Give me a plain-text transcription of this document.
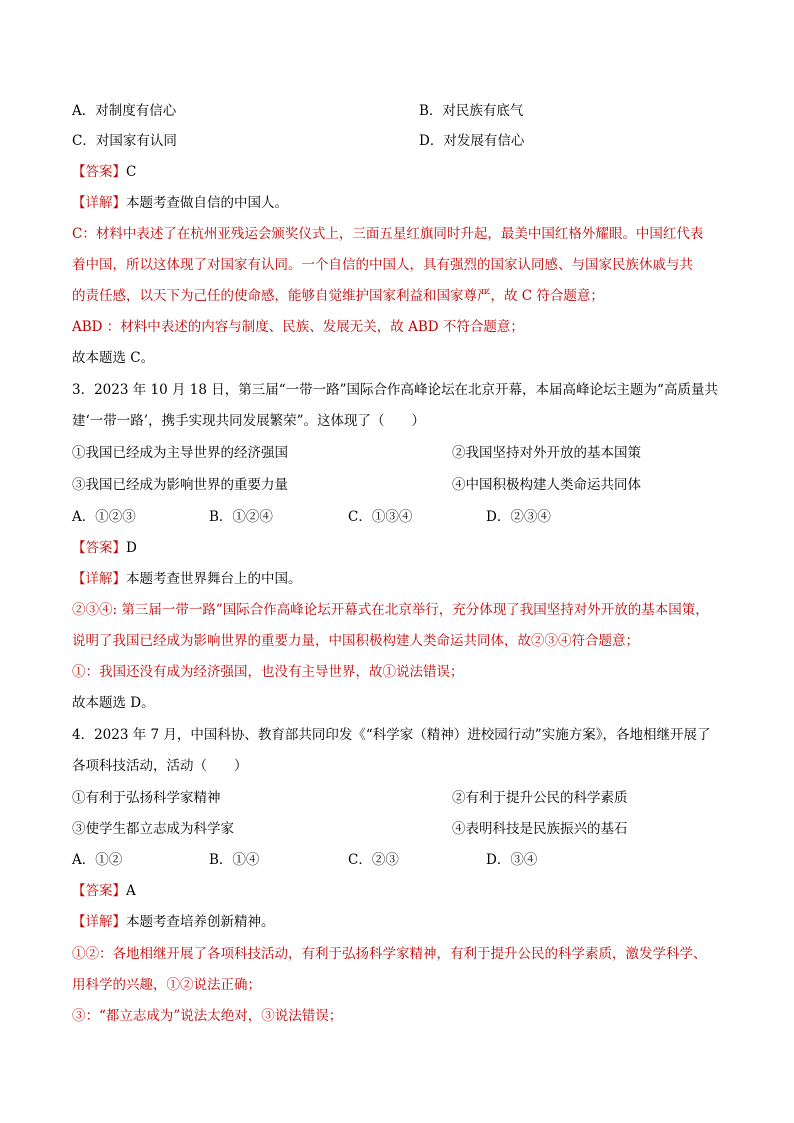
A．对制度有信心	B．对民族有底气
C．对国家有认同	D．对发展有信心
【答案】C
【详解】本题考查做自信的中国人。
C：材料中表述了在杭州亚残运会颁奖仪式上，三面五星红旗同时升起，最美中国红格外耀眼。中国红代表
着中国，所以这体现了对国家有认同。一个自信的中国人，具有强烈的国家认同感、与国家民族休戚与共
的责任感，以天下为己任的使命感，能够自觉维护国家利益和国家尊严，故 C 符合题意；
ABD ：材料中表述的内容与制度、民族、发展无关，故 ABD 不符合题意；
故本题选 C。
3．2023 年 10 月 18 日，第三届“一带一路”国际合作高峰论坛在北京开幕，本届高峰论坛主题为“高质量共
建‘一带一路’，携手实现共同发展繁荣”。这体现了（　　）
①我国已经成为主导世界的经济强国	②我国坚持对外开放的基本国策
③我国已经成为影响世界的重要力量	④中国积极构建人类命运共同体
A．①②③	B．①②④	C．①③④	D．②③④
【答案】D
【详解】本题考查世界舞台上的中国。
②③④: 第三届一带一路”国际合作高峰论坛开幕式在北京举行，充分体现了我国坚持对外开放的基本国策，
说明了我国已经成为影响世界的重要力量，中国积极构建人类命运共同体，故②③④符合题意；
①：我国还没有成为经济强国，也没有主导世界，故①说法错误；
故本题选 D。
4．2023 年 7 月，中国科协、教育部共同印发《“科学家（精神）进校园行动”实施方案》，各地相继开展了
各项科技活动，活动（　　）
①有利于弘扬科学家精神	②有利于提升公民的科学素质
③使学生都立志成为科学家	④表明科技是民族振兴的基石
A．①②	B．①④	C．②③	D．③④
【答案】A
【详解】本题考查培养创新精神。
①②：各地相继开展了各项科技活动，有利于弘扬科学家精神，有利于提升公民的科学素质，激发学科学、
用科学的兴趣，①②说法正确；
③：“都立志成为”说法太绝对，③说法错误；
